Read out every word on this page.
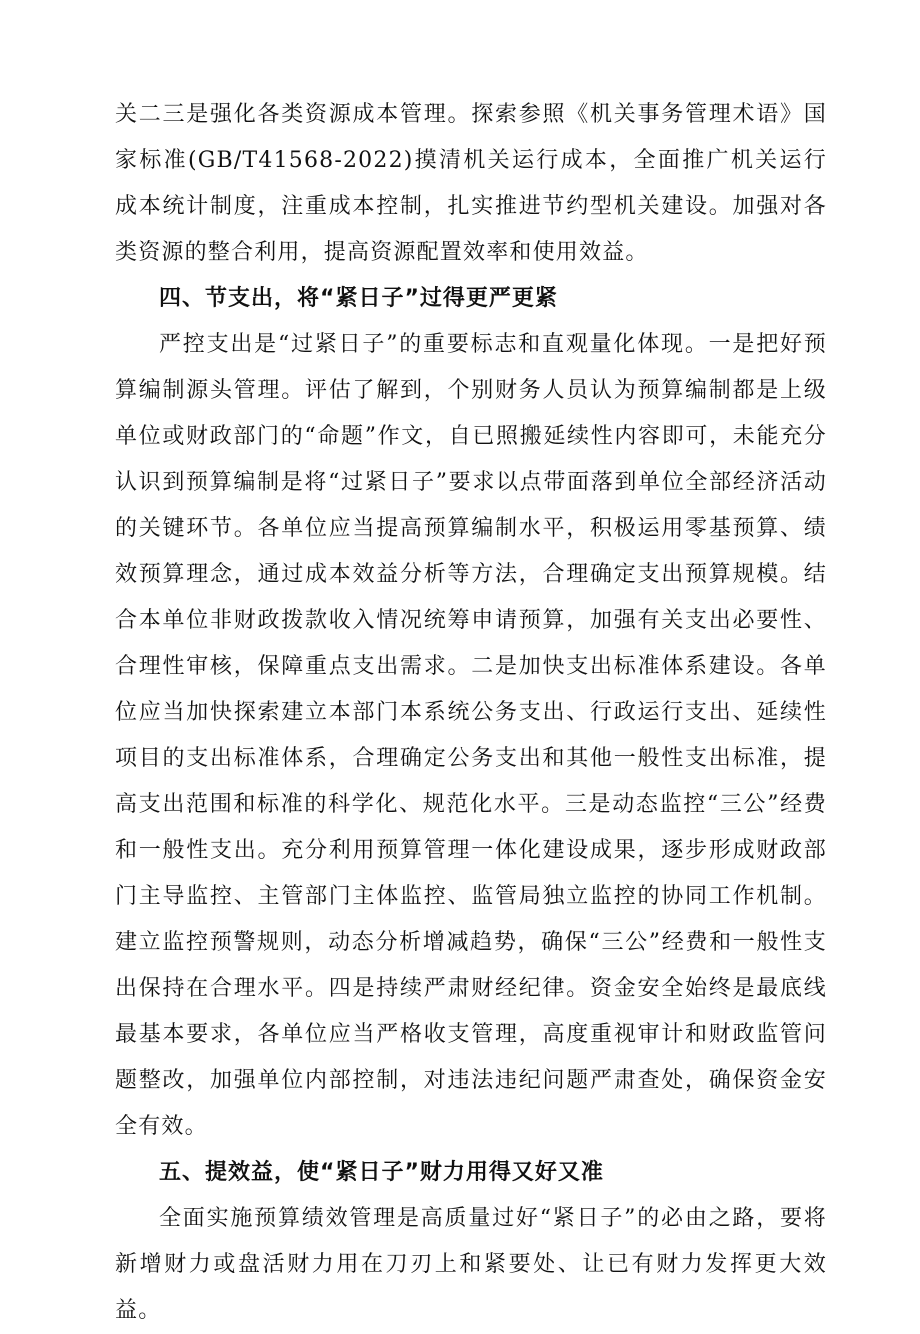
关二三是强化各类资源成本管理。探索参照《机关事务管理术语》国家标准(GB/T41568-2022)摸清机关运行成本，全面推广机关运行成本统计制度，注重成本控制，扎实推进节约型机关建设。加强对各类资源的整合利用，提高资源配置效率和使用效益。

四、节支出，将“紧日子”过得更严更紧

严控支出是“过紧日子”的重要标志和直观量化体现。一是把好预算编制源头管理。评估了解到，个别财务人员认为预算编制都是上级单位或财政部门的“命题”作文，自已照搬延续性内容即可，未能充分认识到预算编制是将“过紧日子”要求以点带面落到单位全部经济活动的关键环节。各单位应当提高预算编制水平，积极运用零基预算、绩效预算理念，通过成本效益分析等方法，合理确定支出预算规模。结合本单位非财政拨款收入情况统筹申请预算，加强有关支出必要性、合理性审核，保障重点支出需求。二是加快支出标准体系建设。各单位应当加快探索建立本部门本系统公务支出、行政运行支出、延续性项目的支出标准体系，合理确定公务支出和其他一般性支出标准，提高支出范围和标准的科学化、规范化水平。三是动态监控“三公”经费和一般性支出。充分利用预算管理一体化建设成果，逐步形成财政部门主导监控、主管部门主体监控、监管局独立监控的协同工作机制。建立监控预警规则，动态分析增减趋势，确保“三公”经费和一般性支出保持在合理水平。四是持续严肃财经纪律。资金安全始终是最底线最基本要求，各单位应当严格收支管理，高度重视审计和财政监管问题整改，加强单位内部控制，对违法违纪问题严肃查处，确保资金安全有效。

五、提效益，使“紧日子”财力用得又好又准

全面实施预算绩效管理是高质量过好“紧日子”的必由之路，要将新增财力或盘活财力用在刀刃上和紧要处、让已有财力发挥更大效益。
